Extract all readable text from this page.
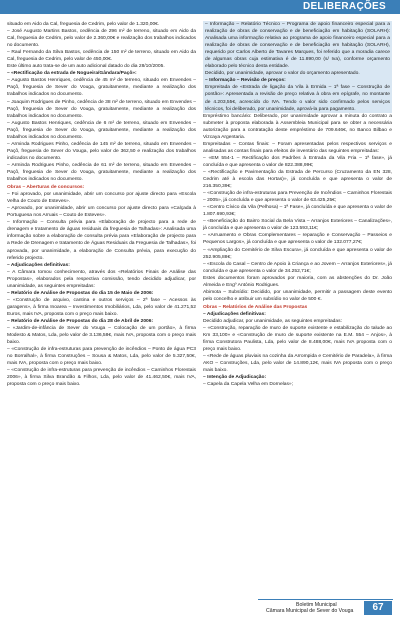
DELIBERAÇÕES

situado em Aido da Cal, freguesia de Cedrim, pelo valor de 1.320,00€.

– José Augusto Martins Bastos, cedência de 296 m² de terreno, situado em Aido da Cal, freguesia de Cedrim, pelo valor de 2.360,00€ e realização dos trabalhos indicados no documento.

– Raul Fernando da Silva Bastos, cedência de 150 m² de terreno, situado em Aido da Cal, freguesia de Cedrim, pelo valor de 450,00€.

Este último auto trata-se de um auto adicional datado do dia 28/10/2005.

– «Rectificação da estrada de Nogueira/Gândara/Paçô»:

– Augusto Bastos Henriques, cedência de 45 m² de terreno, situado em Envendes – Paçô, freguesia de Sever do Vouga, gratuitamente, mediante a realização dos trabalhos indicados no documento.

– Joaquim Rodrigues de Pinho, cedência de 38 m² de terreno, situado em Envendes – Paçô, freguesia de Sever do Vouga, gratuitamente, mediante a realização dos trabalhos indicados no documento.

– Augusto Bastos Henriques, cedência de 6 m² de terreno, situado em Envendes – Paçô, freguesia de Sever do Vouga, gratuitamente, mediante a realização dos trabalhos indicados no documento.

– Arminda Rodrigues Pinho, cedência de 145 m² de terreno, situado em Envendes – Paçô, freguesia de Sever do Vouga, pelo valor de 362,50 e realização dos trabalhos indicados no documento.

– Arminda Rodrigues Pinho, cedência de 61 m² de terreno, situado em Envendes – Paçô, freguesia de Sever do Vouga, gratuitamente, mediante a realização dos trabalhos indicados no documento.

Obras – Aberturas de concursos:

– Foi aprovado, por unanimidade, abrir um concurso por ajuste directo para «Escola Velha de Couto de Esteves».

– Aprovado, por unanimidade, abrir um concurso por ajuste directo para «Calçada à Portuguesa nos Arruais – Couto de Esteves».

– Informação – Consulta prévia para «Elaboração de projecto para a rede de drenagem e tratamento de águas residuais da freguesia de Talhadas»: Analisada uma informação sobre a elaboração de consulta prévia para «Elaboração de projecto para a Rede de Drenagem e tratamento de Águas Residuais da Freguesia de Talhadas», foi aprovada, por unanimidade, a elaboração de Consulta prévia, para execução do referido projecto.

– Adjudicações definitivas:

– A Câmara tomou conhecimento, através dos «Relatórios Finais de Análise das Propostas», elaborados pela respectiva comissão, tendo decidido adjudicar, por unanimidade, as seguintes empreitadas:

– Relatório de Análise de Propostas do dia 15 de Maio de 2006:

– «Construção de arquivo, cantina e outros serviços – 2ª fase – Acessos às garagens», à firma Inoarea – Investimentos Imobiliários, Lda, pelo valor de 41.271,52 Euros, mais IVA, proposta com o preço mais baixo.

– Relatório de Análise de Propostas do dia 28 de Abril de 2006:

– «Jardim-de-infância de Sever do Vouga – Colocação de um portão», à firma Modesto & Matos, Lda, pelo valor de 3.136,58€, mais IVA, proposta com o preço mais baixo.

– «Construção de infra-estruturas para prevenção de incêndios – Ponto de água PC3 no Borralhal», à firma Construções – Sousa & Matos, Lda, pelo valor de 5.327,50€, mais IVA, proposta com o preço mais baixo.

– «Construção de infra-estruturas para prevenção de incêndios – Caminhos Florestais 2006», à firma Silva Brandão & Filhos, Lda, pelo valor de 41.462,50€, mais IVA, proposta com o preço mais baixo.

– Informação – Relatório Técnico – Programa de apoio financeiro especial para a realização de obras de conservação e de beneficiação em habitação (SOLARH): Analisada uma informação relativa ao programa de apoio financeiro especial para a realização de obras de conservação e de beneficiação em habitação (SOLARH), requerido por Carlos Alberto de Tavares Marques, foi referido que a moradia carece de algumas obras cuja estimativa é de 11.890,00 (s/ Iva), conforme orçamento elaborado pelo técnico desta entidade.

Decidido, por unanimidade, aprovar o valor do orçamento apresentado.

– Informação – Revisão de preços:

Empreitada de «Estrada de ligação da Vila à Ermida – 1ª fase – Construção de pontão»: Apresentada a revisão de preço relativa à obra em epígrafe, no montante de 4.203,55€, acrescido do IVA. Tendo o valor sido confirmado pelos serviços técnicos, foi deliberado, por unanimidade, aprová-la para pagamento.

Empréstimo bancário: Deliberado, por unanimidade aprovar a minuta do contrato a submeter à proposta elaborada à Assembleia Municipal para se obter a necessária autorização para a contratação deste empréstimo de 709.646€, no Banco Bilbao e Vizcaya Argentaria.

Empreitadas – Contas finais: – Foram apresentadas pelos respectivos serviços e analisadas as contas finais para efeitos de inventário das seguintes empreitadas:

– «EM 554-1 – Rectificação dos Padrões à Entrada da Vila Fria – 1ª fase», já concluída e que apresenta o valor de 822.388,99€;

– «Rectificação e Pavimentação da Estrada de Percurso (Cruzamento da EN 328, Cedrim até à escola das Hortas)», já concluída e que apresenta o valor de 216.350,39€;

– «Construção de infra-estruturas para Prevenção de Incêndios – Caminhos Florestais – 2005», já concluída e que apresenta o valor de 63.425,25€;

– «Centro Cívico da Vila (Pelhosa) – 1ª Fase», já concluída e que apresenta o valor de 1.807.690,93€;

– «Beneficiação do Bairro Social da Bela Vista – Arranjos Exteriores – Canalizações», já concluída e que apresenta o valor de 123.593,11€;

– «Arruamento e Obras Complementares – reparação e Conservação – Passeios e Pequenos Largos», já concluída e que apresenta o valor de 132.077,27€;

– «Ampliação do Cemitério de Silva Escura», já concluída e que apresenta o valor de 252.905,88€;

– «Escola do Casal – Centro de Apoio à Criança e ao Jovem – Arranjos Exteriores», já concluída e que apresenta o valor de 34.252,71€;

Estes documentos foram aprovados por maioria, com as abstenções do Dr. João Almeida e Engº António Rodrigues.

Abimota – Subsídio: Decidido, por unanimidade, permitir a passagem deste evento pelo concelho e atribuir um subsídio no valor de 500 €.

Obras – Relatórios de Análise das Propostas

– Adjudicações definitivas:

Decidido adjudicar, por unanimidade, as seguintes empreitadas:

– «Construção, reparação de muro de suporte existente e estabilização do talude ao Km 33,100» e «Construção de muro de suporte existente na E.M. 554 – Anjos», à firma Construtora Paulista, Lda, pelo valor de 8.488,00€, mais IVA proposta com o preço mais baixo.

– «Rede de águas pluviais na cozinha da Arrompida e Cemitério de Paradela», à firma AKO – Construções, Lda, pelo valor de 14.890,12€, mais IVA proposta com o preço mais baixo.

– Intenção de Adjudicação:

– Capela da Capela Velha em Dornelas»;

Boletim Municipal
Câmara Municipal de Sever do Vouga	67
